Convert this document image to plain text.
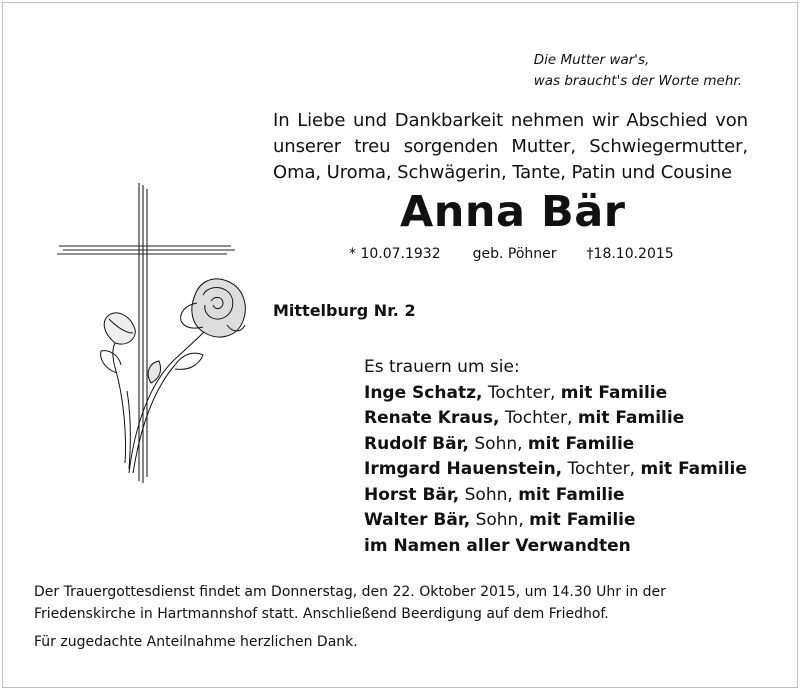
Die Mutter war's,
was braucht's der Worte mehr.
In Liebe und Dankbarkeit nehmen wir Abschied von unserer treu sorgenden Mutter, Schwiegermutter, Oma, Uroma, Schwägerin, Tante, Patin und Cousine
Anna Bär
* 10.07.1932 geb. Pöhner †18.10.2015
Mittelburg Nr. 2
Es trauern um sie:
Inge Schatz, Tochter, mit Familie
Renate Kraus, Tochter, mit Familie
Rudolf Bär, Sohn, mit Familie
Irmgard Hauenstein, Tochter, mit Familie
Horst Bär, Sohn, mit Familie
Walter Bär, Sohn, mit Familie
im Namen aller Verwandten

Der Trauergottesdienst findet am Donnerstag, den 22. Oktober 2015, um 14.30 Uhr in der

Friedenskirche in Hartmannshof statt. Anschließend Beerdigung auf dem Friedhof.

Für zugedachte Anteilnahme herzlichen Dank.
